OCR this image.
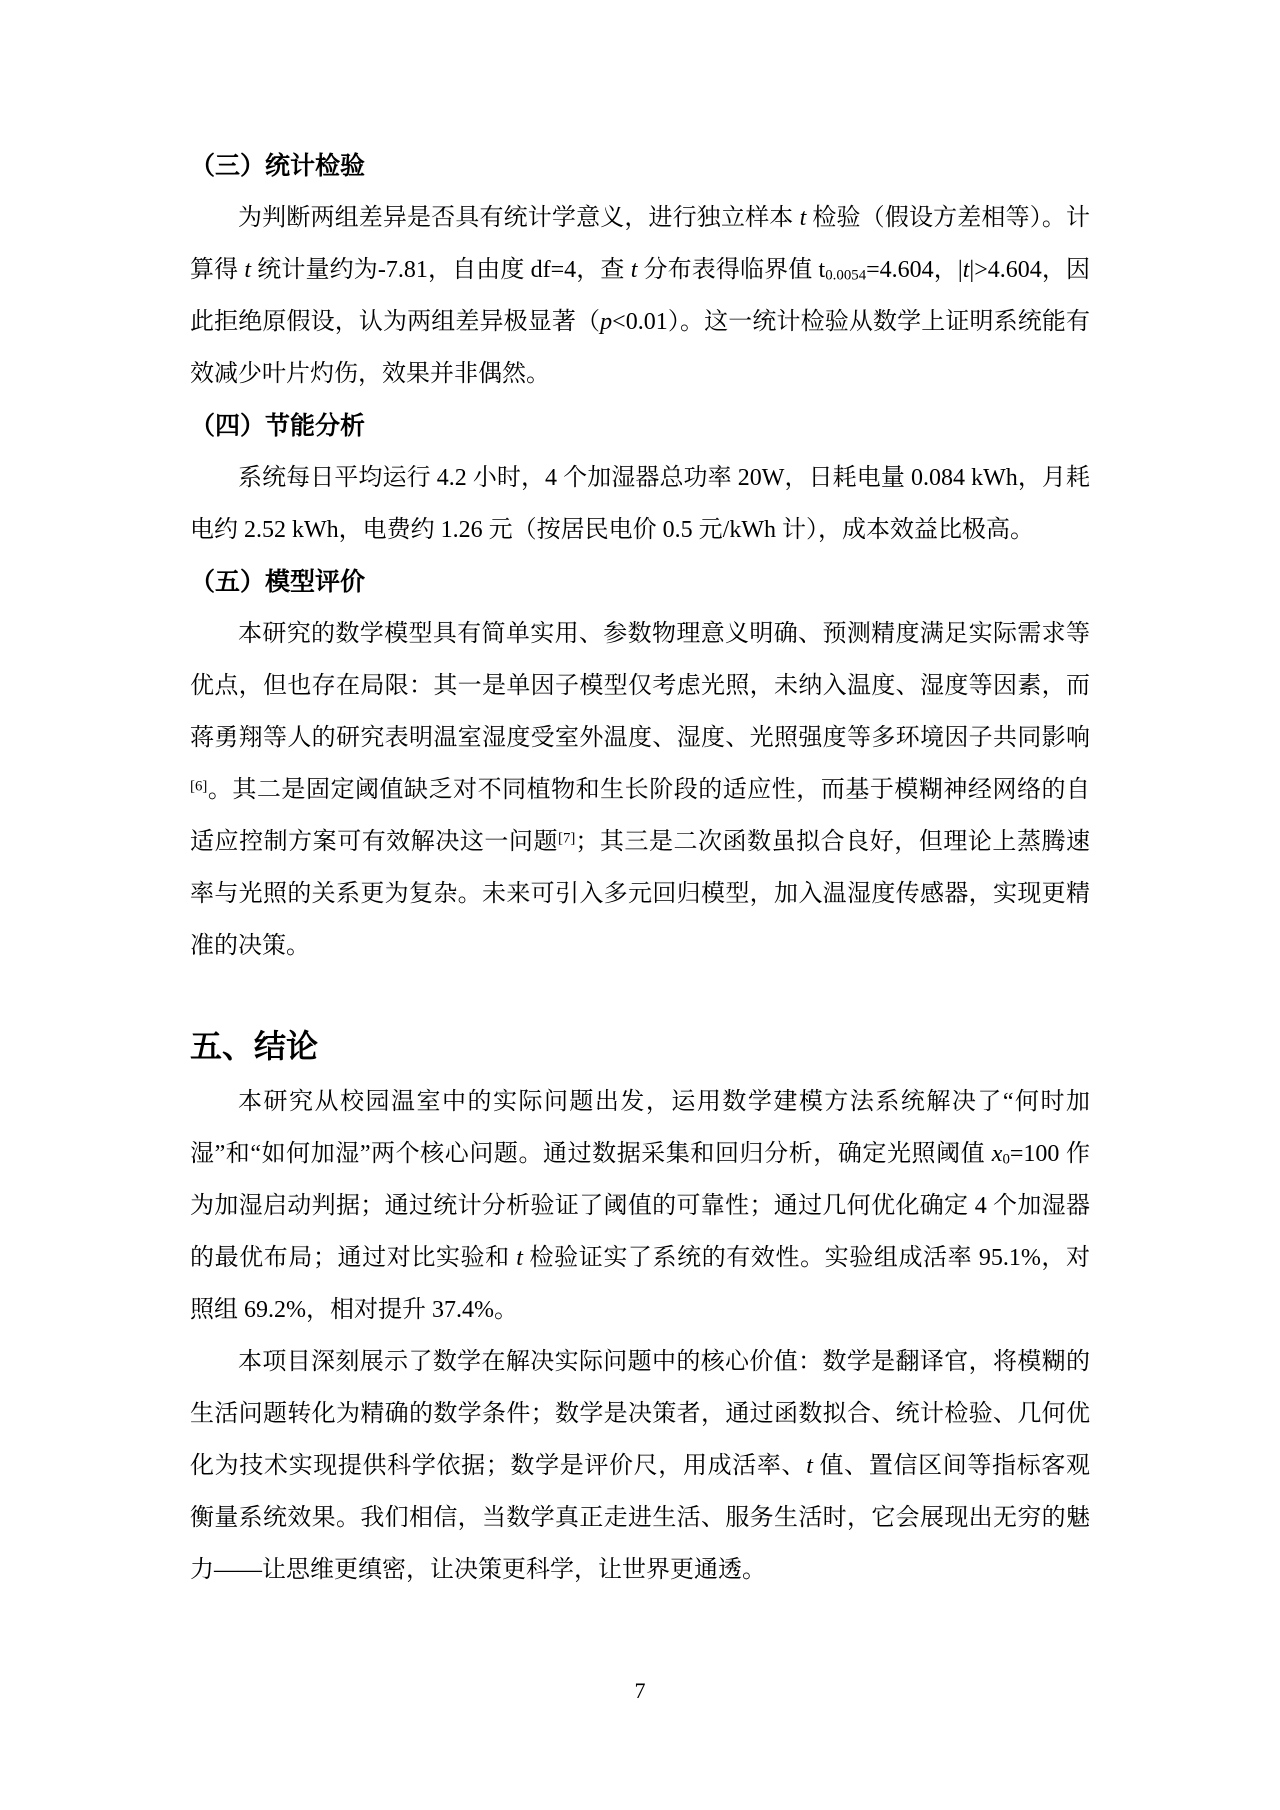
（三）统计检验

为判断两组差异是否具有统计学意义，进行独立样本 t 检验（假设方差相等）。计算得 t 统计量约为-7.81，自由度 df=4，查 t 分布表得临界值 $t_{0.0054}=4.604$，|t|>4.604，因此拒绝原假设，认为两组差异极显著（p<0.01）。这一统计检验从数学上证明系统能有效减少叶片灼伤，效果并非偶然。

（四）节能分析

系统每日平均运行 4.2 小时，4 个加湿器总功率 20W，日耗电量 0.084 kWh，月耗电约 2.52 kWh，电费约 1.26 元（按居民电价 0.5 元/kWh 计），成本效益比极高。

（五）模型评价

本研究的数学模型具有简单实用、参数物理意义明确、预测精度满足实际需求等优点，但也存在局限：其一是单因子模型仅考虑光照，未纳入温度、湿度等因素，而蒋勇翔等人的研究表明温室湿度受室外温度、湿度、光照强度等多环境因子共同影响[6]。其二是固定阈值缺乏对不同植物和生长阶段的适应性，而基于模糊神经网络的自适应控制方案可有效解决这一问题[7]；其三是二次函数虽拟合良好，但理论上蒸腾速率与光照的关系更为复杂。未来可引入多元回归模型，加入温湿度传感器，实现更精准的决策。

五、结论

本研究从校园温室中的实际问题出发，运用数学建模方法系统解决了“何时加湿”和“如何加湿”两个核心问题。通过数据采集和回归分析，确定光照阈值 $x_0=100$ 作为加湿启动判据；通过统计分析验证了阈值的可靠性；通过几何优化确定 4 个加湿器的最优布局；通过对比实验和 t 检验证实了系统的有效性。实验组成活率 95.1%，对照组 69.2%，相对提升 37.4%。

本项目深刻展示了数学在解决实际问题中的核心价值：数学是翻译官，将模糊的生活问题转化为精确的数学条件；数学是决策者，通过函数拟合、统计检验、几何优化为技术实现提供科学依据；数学是评价尺，用成活率、t 值、置信区间等指标客观衡量系统效果。我们相信，当数学真正走进生活、服务生活时，它会展现出无穷的魅力——让思维更缜密，让决策更科学，让世界更通透。

7
